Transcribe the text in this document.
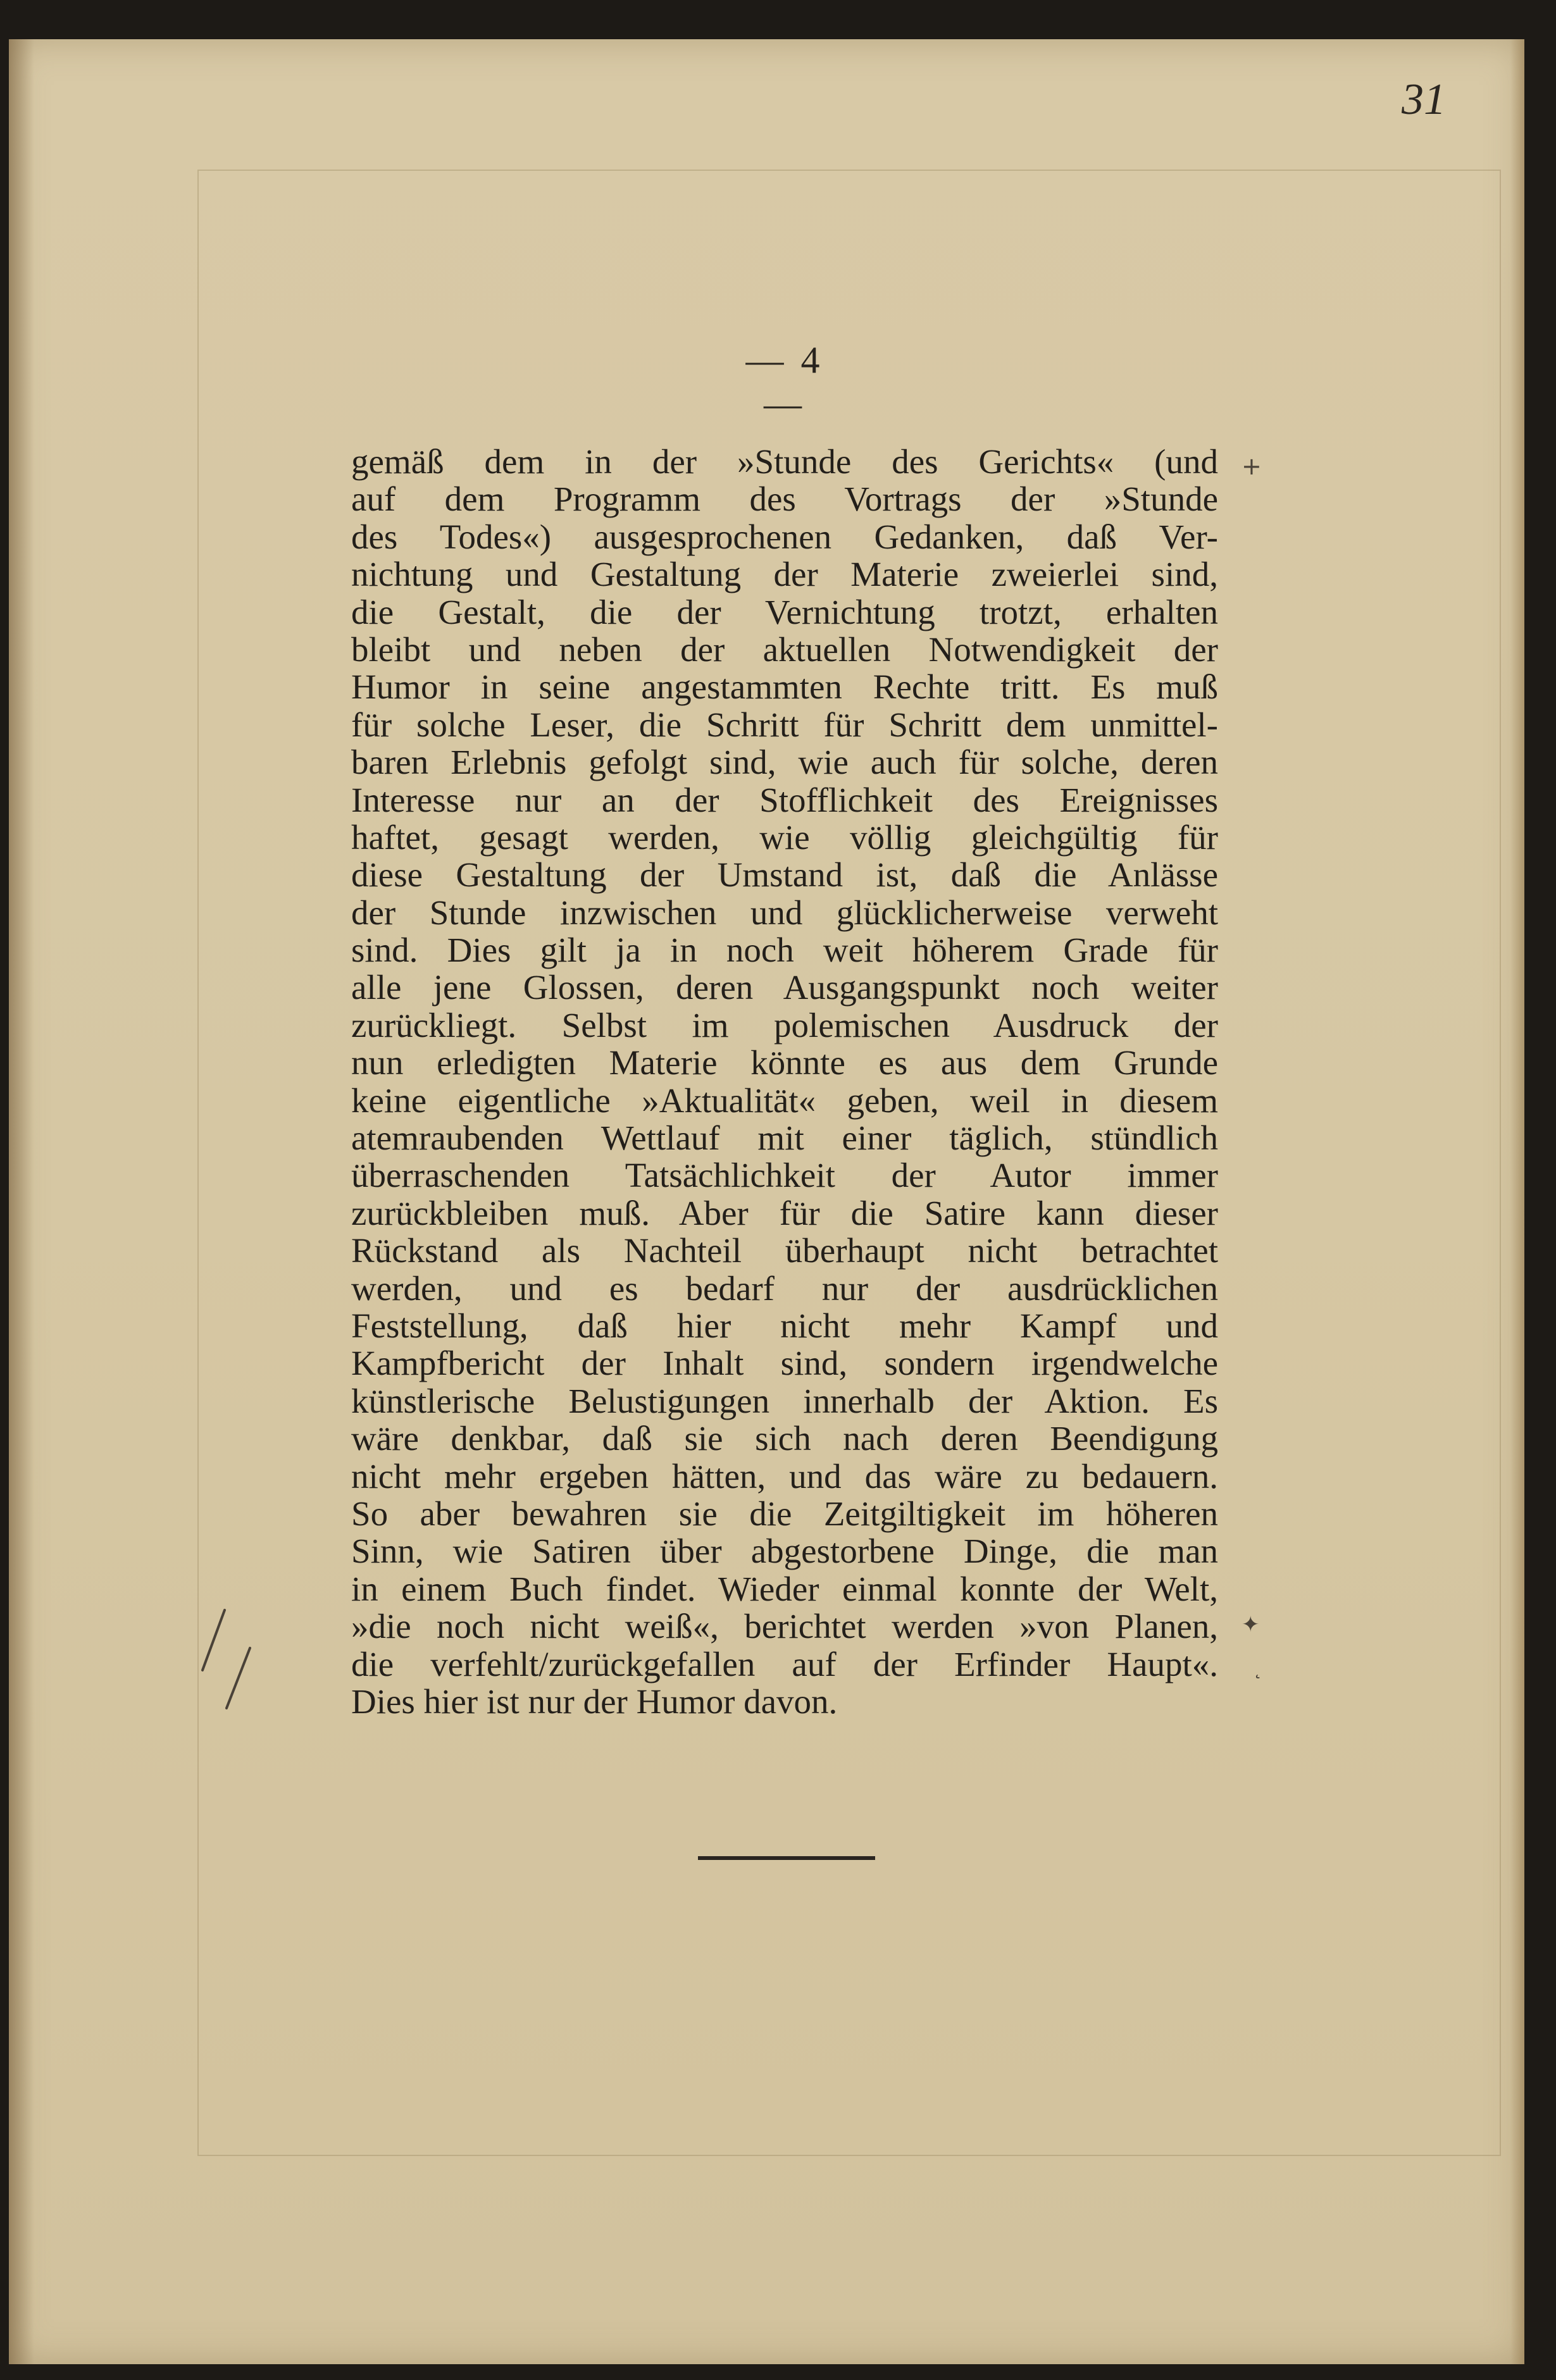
31
— 4 —
gemäß dem in der »Stunde des Gerichts« (und
auf dem Programm des Vortrags der »Stunde
des Todes«) ausgesprochenen Gedanken, daß Ver-
nichtung und Gestaltung der Materie zweierlei sind,
die Gestalt, die der Vernichtung trotzt, erhalten
bleibt und neben der aktuellen Notwendigkeit der
Humor in seine angestammten Rechte tritt. Es muß
für solche Leser, die Schritt für Schritt dem unmittel-
baren Erlebnis gefolgt sind, wie auch für solche, deren
Interesse nur an der Stofflichkeit des Ereignisses
haftet, gesagt werden, wie völlig gleichgültig für
diese Gestaltung der Umstand ist, daß die Anlässe
der Stunde inzwischen und glücklicherweise verweht
sind. Dies gilt ja in noch weit höherem Grade für
alle jene Glossen, deren Ausgangspunkt noch weiter
zurückliegt. Selbst im polemischen Ausdruck der
nun erledigten Materie könnte es aus dem Grunde
keine eigentliche »Aktualität« geben, weil in diesem
atemraubenden Wettlauf mit einer täglich, stündlich
überraschenden Tatsächlichkeit der Autor immer
zurückbleiben muß. Aber für die Satire kann dieser
Rückstand als Nachteil überhaupt nicht betrachtet
werden, und es bedarf nur der ausdrücklichen
Feststellung, daß hier nicht mehr Kampf und
Kampfbericht der Inhalt sind, sondern irgendwelche
künstlerische Belustigungen innerhalb der Aktion. Es
wäre denkbar, daß sie sich nach deren Beendigung
nicht mehr ergeben hätten, und das wäre zu bedauern.
So aber bewahren sie die Zeitgiltigkeit im höheren
Sinn, wie Satiren über abgestorbene Dinge, die man
in einem Buch findet. Wieder einmal konnte der Welt,
»die noch nicht weiß«, berichtet werden »von Planen,
die verfehlt/zurückgefallen auf der Erfinder Haupt«.
Dies hier ist nur der Humor davon.
+
✦
˛
